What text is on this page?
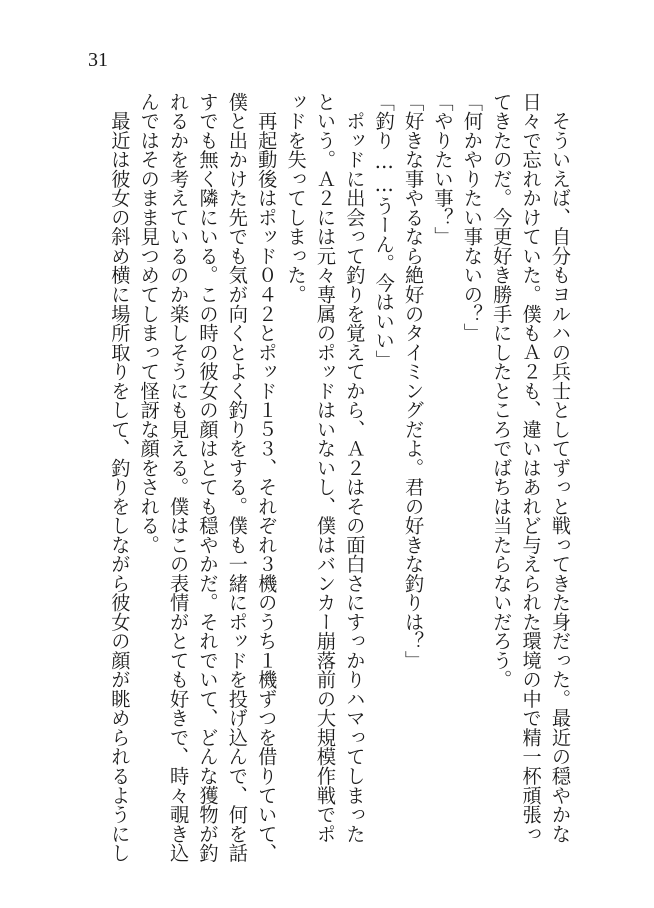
31
　そういえば、自分もヨルハの兵士としてずっと戦ってきた身だった。最近の穏やかな
日々で忘れかけていた。僕もＡ２も、違いはあれど与えられた環境の中で精一杯頑張っ
てきたのだ。今更好き勝手にしたところでばちは当たらないだろう。
「何かやりたい事ないの？」
「やりたい事？」
「好きな事やるなら絶好のタイミングだよ。君の好きな釣りは？」
「釣り……うーん。今はいい」
　ポッドに出会って釣りを覚えてから、Ａ２はその面白さにすっかりハマってしまった
という。Ａ２には元々専属のポッドはいないし、僕はバンカー崩落前の大規模作戦でポ
ッドを失ってしまった。
　再起動後はポッド０４２とポッド１５３、それぞれ３機のうち１機ずつを借りていて、
僕と出かけた先でも気が向くとよく釣りをする。僕も一緒にポッドを投げ込んで、何を話
すでも無く隣にいる。この時の彼女の顔はとても穏やかだ。それでいて、どんな獲物が釣
れるかを考えているのか楽しそうにも見える。僕はこの表情がとても好きで、時々覗き込
んではそのまま見つめてしまって怪訝な顔をされる。
　最近は彼女の斜め横に場所取りをして、釣りをしながら彼女の顔が眺められるようにし
